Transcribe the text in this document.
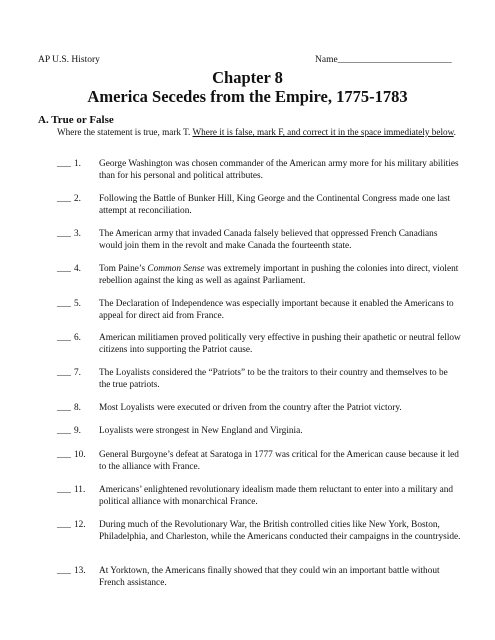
AP U.S. History	Name________________________
Chapter 8
America Secedes from the Empire, 1775-1783
A. True or False
Where the statement is true, mark T. Where it is false, mark F, and correct it in the space immediately below.
___ 1. George Washington was chosen commander of the American army more for his military abilities than for his personal and political attributes.
___ 2. Following the Battle of Bunker Hill, King George and the Continental Congress made one last attempt at reconciliation.
___ 3. The American army that invaded Canada falsely believed that oppressed French Canadians would join them in the revolt and make Canada the fourteenth state.
___ 4. Tom Paine’s Common Sense was extremely important in pushing the colonies into direct, violent rebellion against the king as well as against Parliament.
___ 5. The Declaration of Independence was especially important because it enabled the Americans to appeal for direct aid from France.
___ 6. American militiamen proved politically very effective in pushing their apathetic or neutral fellow citizens into supporting the Patriot cause.
___ 7. The Loyalists considered the “Patriots” to be the traitors to their country and themselves to be the true patriots.
___ 8. Most Loyalists were executed or driven from the country after the Patriot victory.
___ 9. Loyalists were strongest in New England and Virginia.
___ 10. General Burgoyne’s defeat at Saratoga in 1777 was critical for the American cause because it led to the alliance with France.
___ 11. Americans’ enlightened revolutionary idealism made them reluctant to enter into a military and political alliance with monarchical France.
___ 12. During much of the Revolutionary War, the British controlled cities like New York, Boston, Philadelphia, and Charleston, while the Americans conducted their campaigns in the countryside.
___ 13. At Yorktown, the Americans finally showed that they could win an important battle without French assistance.
